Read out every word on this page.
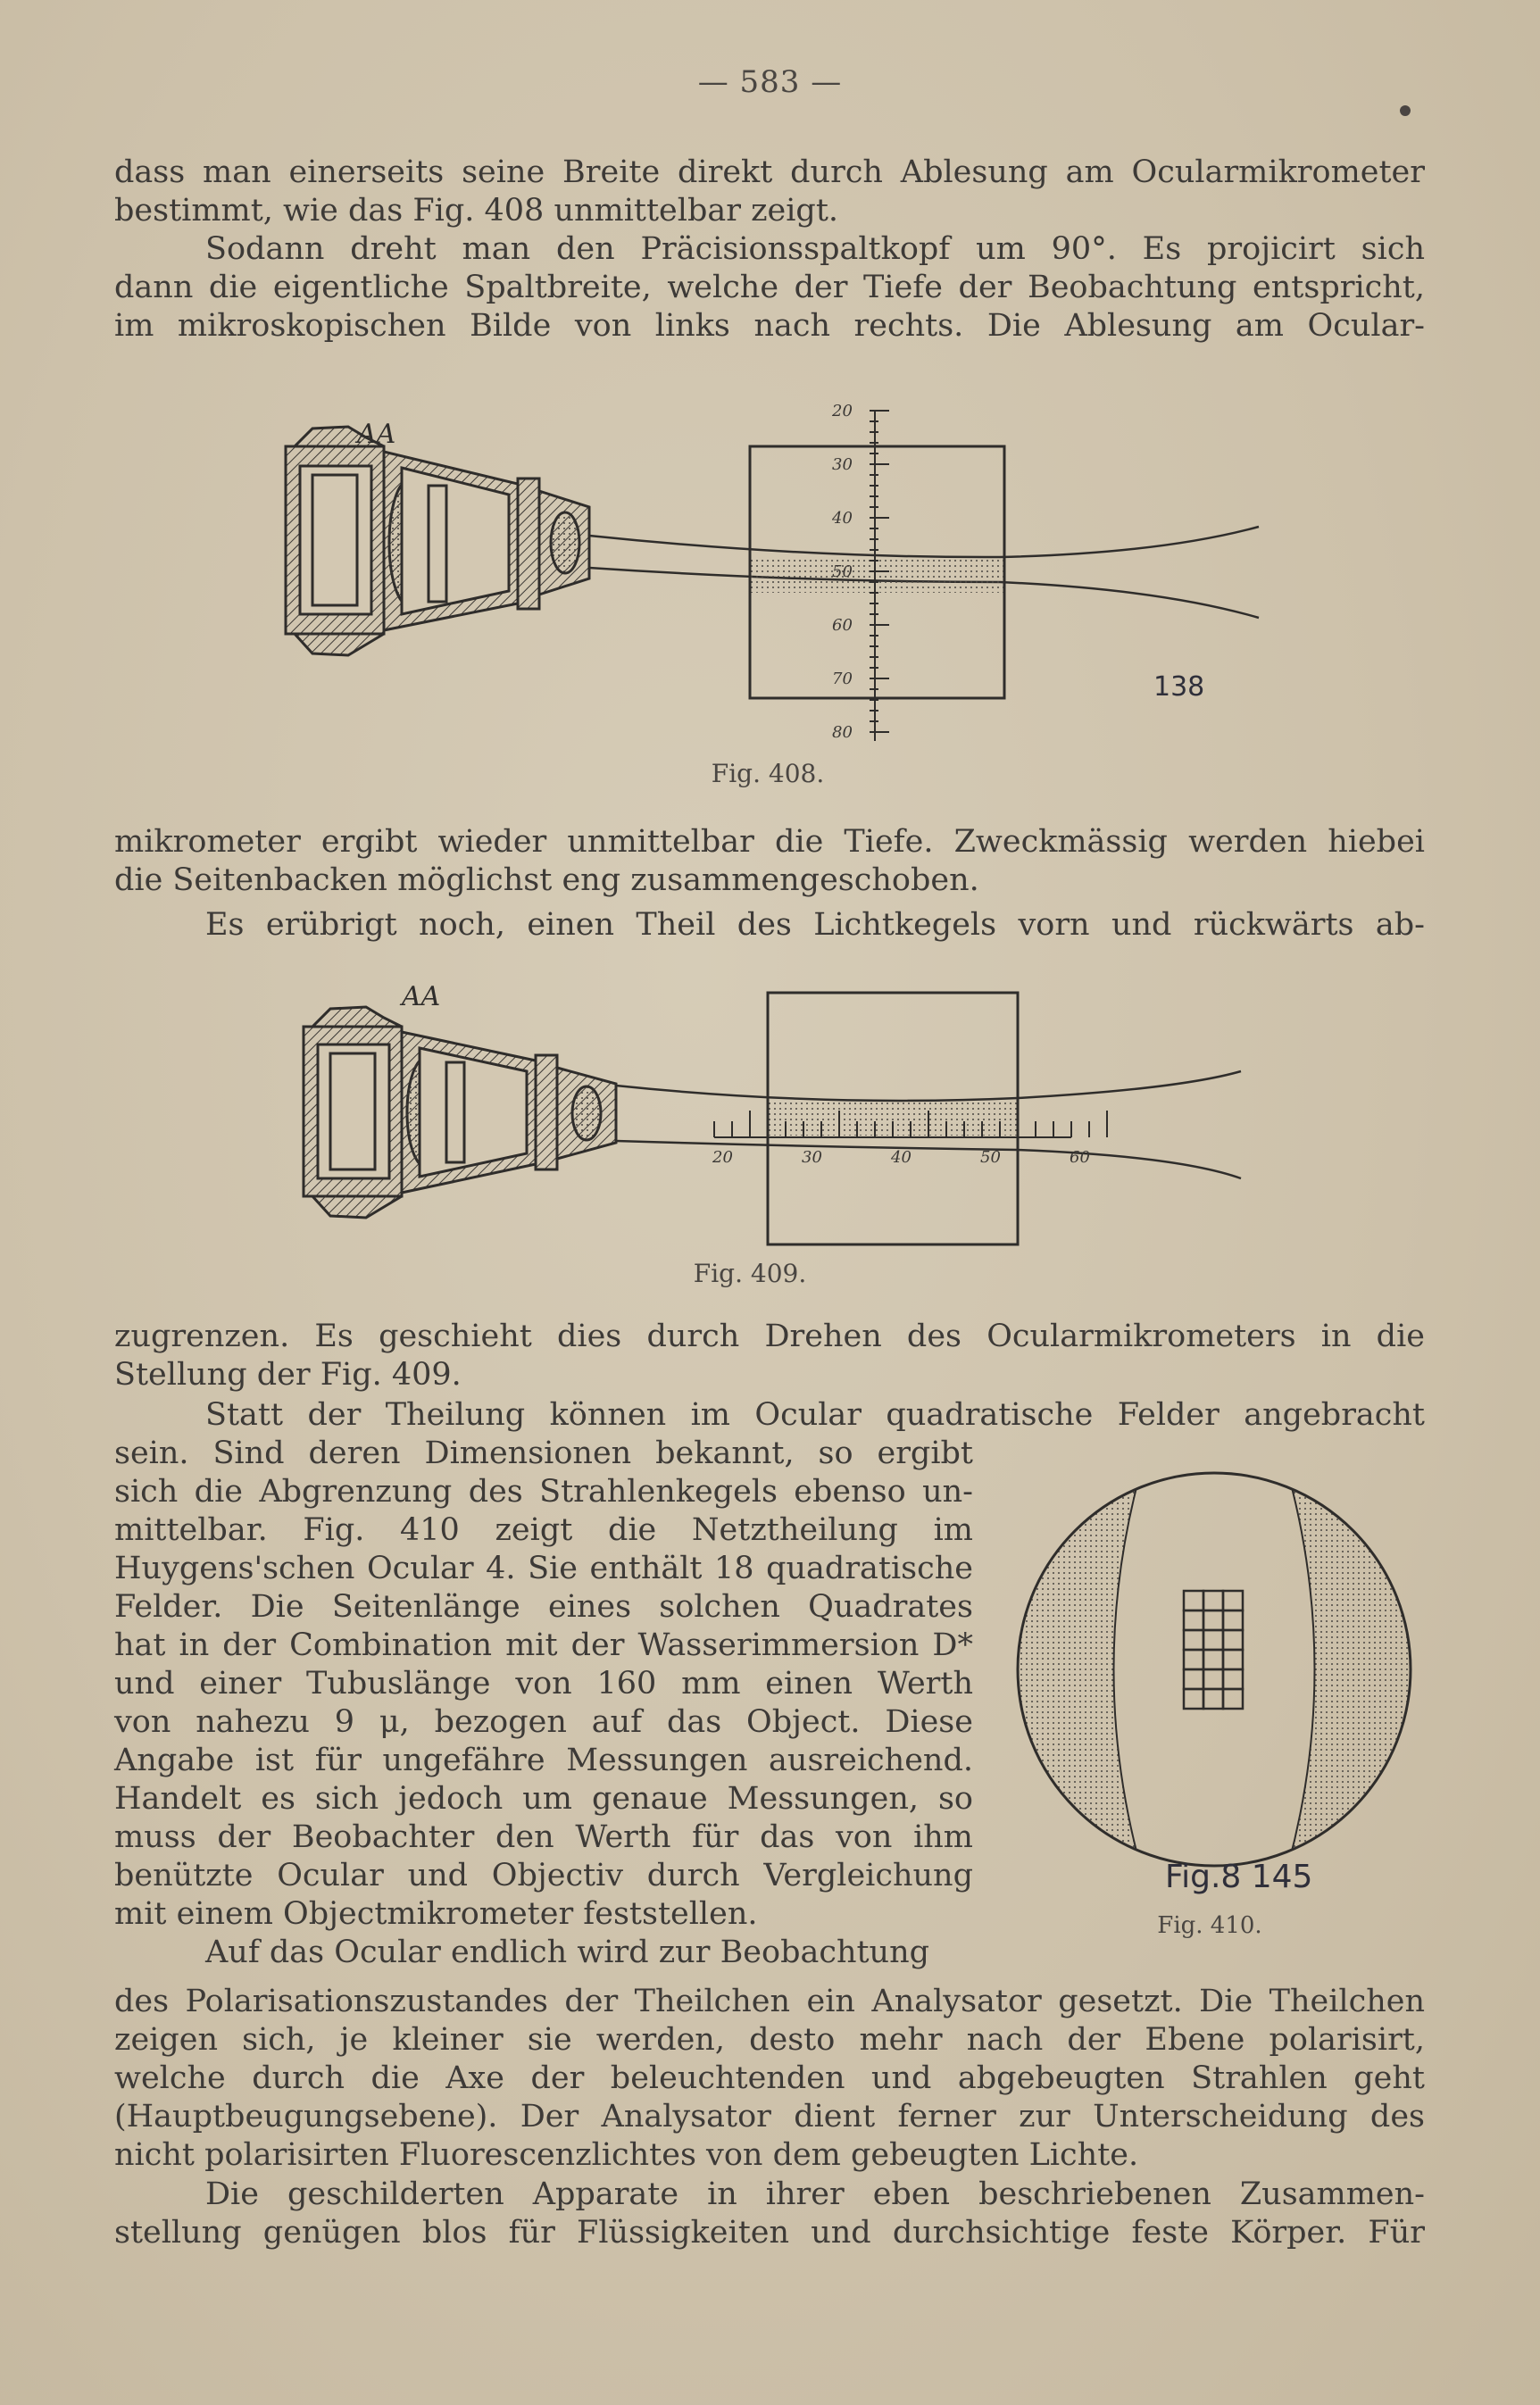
— 583 —
dass man einerseits seine Breite direkt durch Ablesung am Ocularmikrometer
bestimmt, wie das Fig. 408 unmittelbar zeigt.
Sodann dreht man den Präcisionsspaltkopf um 90°. Es projicirt sich
dann die eigentliche Spaltbreite, welche der Tiefe der Beobachtung entspricht,
im mikroskopischen Bilde von links nach rechts. Die Ablesung am Ocular-
20
30
40
50
60
70
80
AA
138
Fig. 408.
mikrometer ergibt wieder unmittelbar die Tiefe. Zweckmässig werden hiebei
die Seitenbacken möglichst eng zusammengeschoben.
Es erübrigt noch, einen Theil des Lichtkegels vorn und rückwärts ab-
20	30	40	50	60
AA
Fig. 409.
zugrenzen. Es geschieht dies durch Drehen des Ocularmikrometers in die
Stellung der Fig. 409.
Statt der Theilung können im Ocular quadratische Felder angebracht
sein. Sind deren Dimensionen bekannt, so ergibt
sich die Abgrenzung des Strahlenkegels ebenso un-
mittelbar. Fig. 410 zeigt die Netztheilung im
Huygens'schen Ocular 4. Sie enthält 18 quadratische
Felder. Die Seitenlänge eines solchen Quadrates
hat in der Combination mit der Wasserimmersion D*
und einer Tubuslänge von 160 mm einen Werth
von nahezu 9 μ, bezogen auf das Object. Diese
Angabe ist für ungefähre Messungen ausreichend.
Handelt es sich jedoch um genaue Messungen, so
muss der Beobachter den Werth für das von ihm
benützte Ocular und Objectiv durch Vergleichung
mit einem Objectmikrometer feststellen.
Auf das Ocular endlich wird zur Beobachtung
Fig.8 145
Fig. 410.
des Polarisationszustandes der Theilchen ein Analysator gesetzt. Die Theilchen
zeigen sich, je kleiner sie werden, desto mehr nach der Ebene polarisirt,
welche durch die Axe der beleuchtenden und abgebeugten Strahlen geht
(Hauptbeugungsebene). Der Analysator dient ferner zur Unterscheidung des
nicht polarisirten Fluorescenzlichtes von dem gebeugten Lichte.
Die geschilderten Apparate in ihrer eben beschriebenen Zusammen-
stellung genügen blos für Flüssigkeiten und durchsichtige feste Körper. Für
